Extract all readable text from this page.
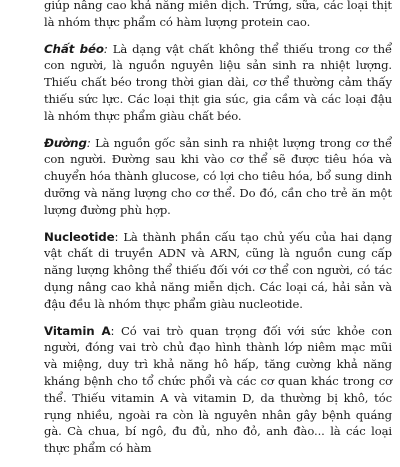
giúp nâng cao khả năng miễn dịch. Trứng, sữa, các loại thịt là nhóm thực phẩm có hàm lượng protein cao.

Chất béo: Là dạng vật chất không thể thiếu trong cơ thể con người, là nguồn nguyên liệu sản sinh ra nhiệt lượng. Thiếu chất béo trong thời gian dài, cơ thể thường cảm thấy thiếu sức lực. Các loại thịt gia súc, gia cầm và các loại đậu là nhóm thực phẩm giàu chất béo.

Đường: Là nguồn gốc sản sinh ra nhiệt lượng trong cơ thể con người. Đường sau khi vào cơ thể sẽ được tiêu hóa và chuyển hóa thành glucose, có lợi cho tiêu hóa, bổ sung dinh dưỡng và năng lượng cho cơ thể. Do đó, cần cho trẻ ăn một lượng đường phù hợp.

Nucleotide: Là thành phần cấu tạo chủ yếu của hai dạng vật chất di truyền ADN và ARN, cũng là nguồn cung cấp năng lượng không thể thiếu đối với cơ thể con người, có tác dụng nâng cao khả năng miễn dịch. Các loại cá, hải sản và đậu đều là nhóm thực phẩm giàu nucleotide.

Vitamin A: Có vai trò quan trọng đối với sức khỏe con người, đóng vai trò chủ đạo hình thành lớp niêm mạc mũi và miệng, duy trì khả năng hô hấp, tăng cường khả năng kháng bệnh cho tổ chức phổi và các cơ quan khác trong cơ thể. Thiếu vitamin A và vitamin D, da thường bị khô, tóc rụng nhiều, ngoài ra còn là nguyên nhân gây bệnh quáng gà. Cà chua, bí ngô, đu đủ, nho đỏ, anh đào... là các loại thực phẩm có hàm
